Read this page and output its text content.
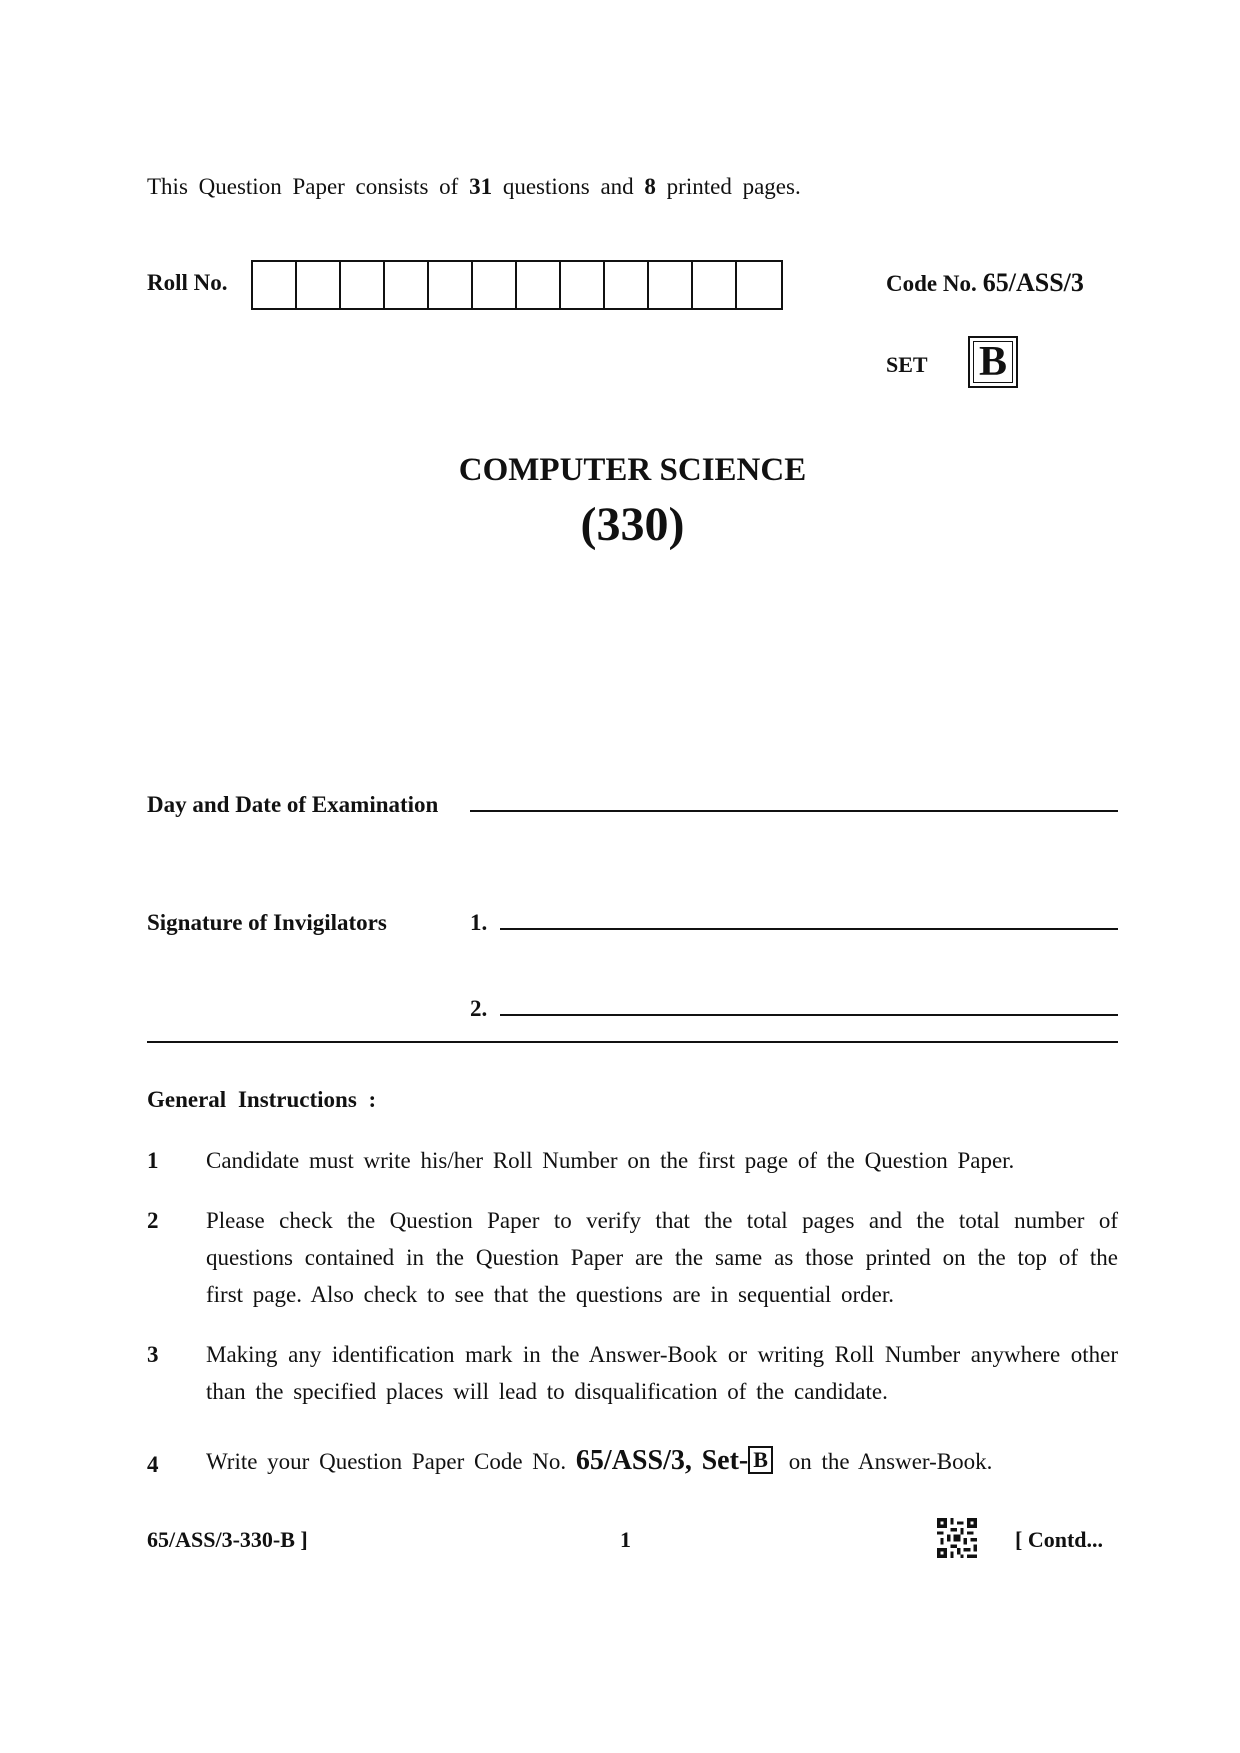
This Question Paper consists of 31 questions and 8 printed pages.
Roll No.	Code No. 65/ASS/3
SET B
COMPUTER SCIENCE
(330)
Day and Date of Examination
Signature of Invigilators	1.
2.
General Instructions :
1 Candidate must write his/her Roll Number on the first page of the Question Paper.
2 Please check the Question Paper to verify that the total pages and the total number of questions contained in the Question Paper are the same as those printed on the top of the first page. Also check to see that the questions are in sequential order.
3 Making any identification mark in the Answer-Book or writing Roll Number anywhere other than the specified places will lead to disqualification of the candidate.
4 Write your Question Paper Code No. 65/ASS/3, Set- B on the Answer-Book.
65/ASS/3-330-B ]	1	[ Contd...
